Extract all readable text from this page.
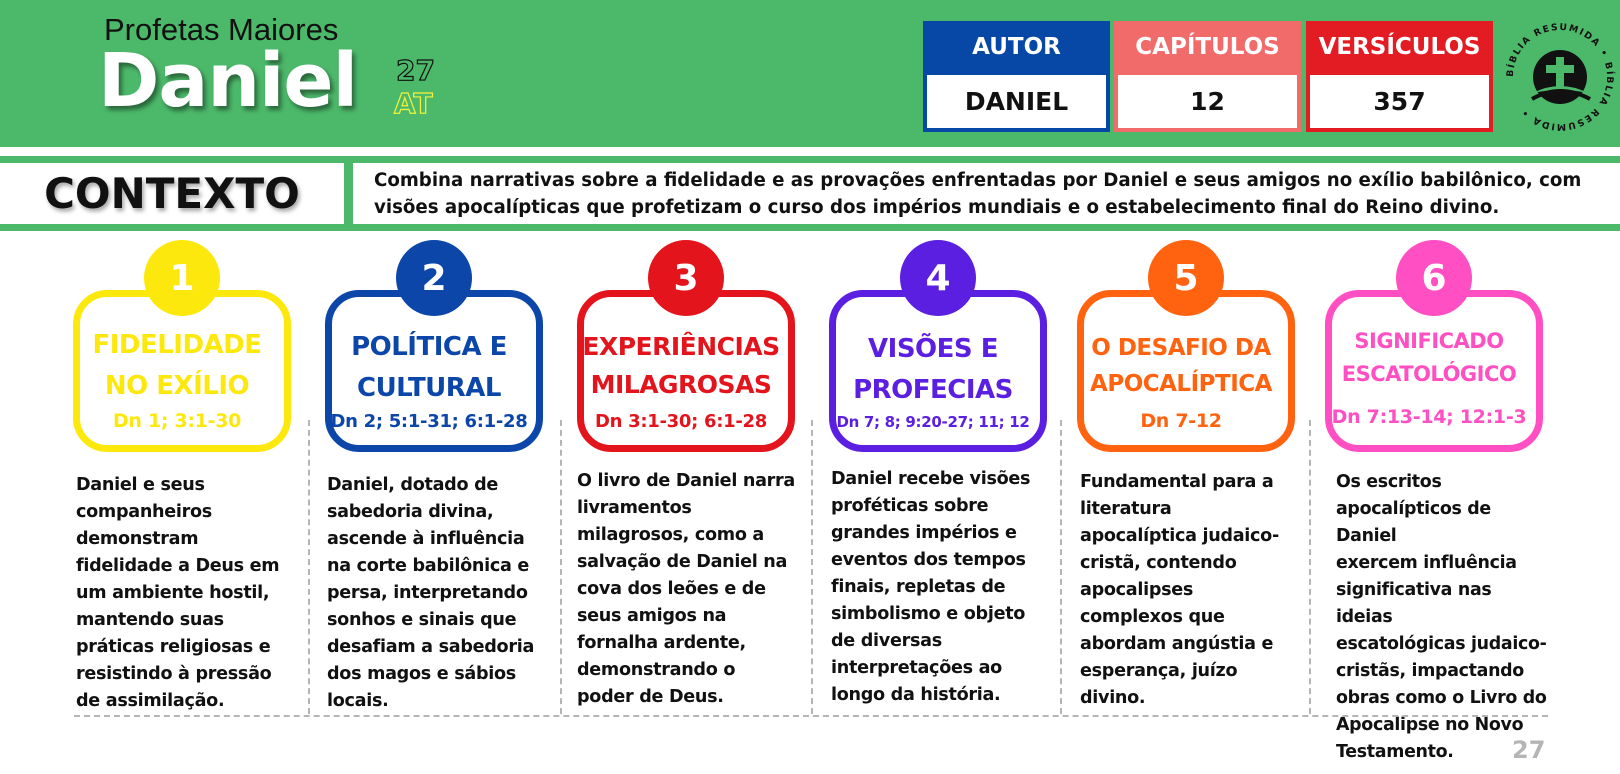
Profetas Maiores
Daniel 27
AT
AUTOR
DANIEL
CAPÍTULOS
12
VERSÍCULOS
357
BÍBLIA RESUMIDA • BÍBLIA RESUMIDA •
CONTEXTO	Combina narrativas sobre a fidelidade e as provações enfrentadas por Daniel e seus amigos no exílio babilônico, com
visões apocalípticas que profetizam o curso dos impérios mundiais e o estabelecimento final do Reino divino.
1
FIDELIDADE
NO EXÍLIO
Dn 1; 3:1-30
Daniel e seus
companheiros
demonstram
fidelidade a Deus em
um ambiente hostil,
mantendo suas
práticas religiosas e
resistindo à pressão
de assimilação.
2
POLÍTICA E
CULTURAL
Dn 2; 5:1-31; 6:1-28
Daniel, dotado de
sabedoria divina,
ascende à influência
na corte babilônica e
persa, interpretando
sonhos e sinais que
desafiam a sabedoria
dos magos e sábios
locais.
3
EXPERIÊNCIAS
MILAGROSAS
Dn 3:1-30; 6:1-28
O livro de Daniel narra
livramentos
milagrosos, como a
salvação de Daniel na
cova dos leões e de
seus amigos na
fornalha ardente,
demonstrando o
poder de Deus.
4
VISÕES E
PROFECIAS
Dn 7; 8; 9:20-27; 11; 12
Daniel recebe visões
proféticas sobre
grandes impérios e
eventos dos tempos
finais, repletas de
simbolismo e objeto
de diversas
interpretações ao
longo da história.
5
O DESAFIO DA
APOCALÍPTICA
Dn 7-12
Fundamental para a
literatura
apocalíptica judaico-
cristã, contendo
apocalipses
complexos que
abordam angústia e
esperança, juízo
divino.
6
SIGNIFICADO
ESCATOLÓGICO
Dn 7:13-14; 12:1-3
Os escritos
apocalípticos de Daniel
exercem influência
significativa nas ideias
escatológicas judaico-
cristãs, impactando
obras como o Livro do
Apocalipse no Novo
Testamento.	27
